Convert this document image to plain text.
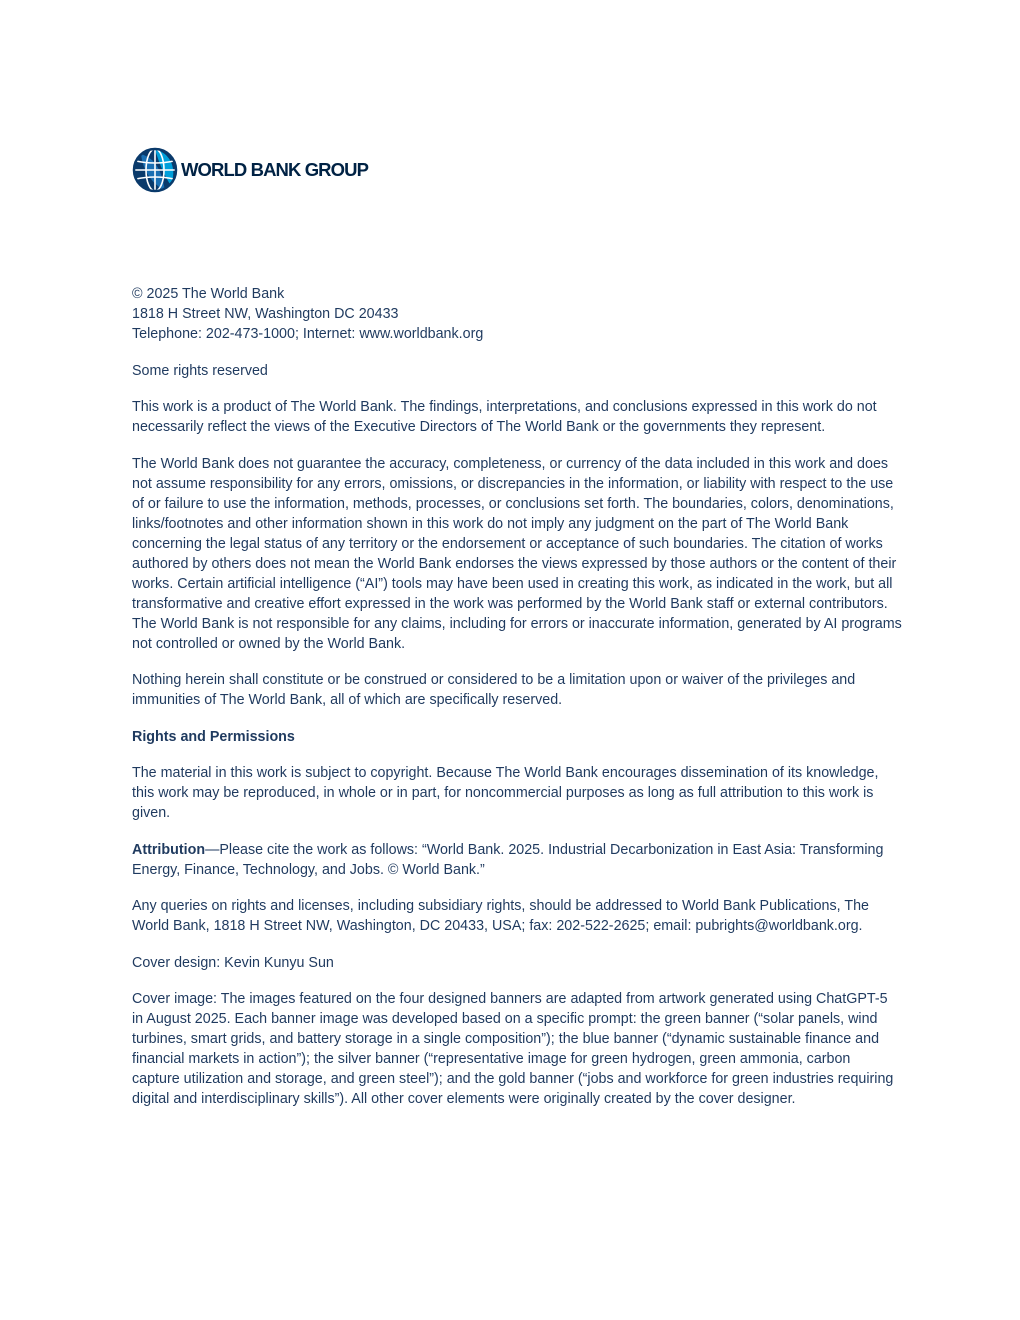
WORLD BANK GROUP

© 2025 The World Bank
1818 H Street NW, Washington DC 20433
Telephone: 202-473-1000; Internet: www.worldbank.org

Some rights reserved

This work is a product of The World Bank. The findings, interpretations, and conclusions expressed in this work do not necessarily reflect the views of the Executive Directors of The World Bank or the governments they represent.

The World Bank does not guarantee the accuracy, completeness, or currency of the data included in this work and does not assume responsibility for any errors, omissions, or discrepancies in the information, or liability with respect to the use of or failure to use the information, methods, processes, or conclusions set forth. The boundaries, colors, denominations, links/footnotes and other information shown in this work do not imply any judgment on the part of The World Bank concerning the legal status of any territory or the endorsement or acceptance of such boundaries. The citation of works authored by others does not mean the World Bank endorses the views expressed by those authors or the content of their works. Certain artificial intelligence (“AI”) tools may have been used in creating this work, as indicated in the work, but all transformative and creative effort expressed in the work was performed by the World Bank staff or external contributors. The World Bank is not responsible for any claims, including for errors or inaccurate information, generated by AI programs not controlled or owned by the World Bank.

Nothing herein shall constitute or be construed or considered to be a limitation upon or waiver of the privileges and immunities of The World Bank, all of which are specifically reserved.

Rights and Permissions

The material in this work is subject to copyright. Because The World Bank encourages dissemination of its knowledge, this work may be reproduced, in whole or in part, for noncommercial purposes as long as full attribution to this work is given.

Attribution—Please cite the work as follows: “World Bank. 2025. Industrial Decarbonization in East Asia: Transforming Energy, Finance, Technology, and Jobs. © World Bank.”

Any queries on rights and licenses, including subsidiary rights, should be addressed to World Bank Publications, The World Bank, 1818 H Street NW, Washington, DC 20433, USA; fax: 202-522-2625; email: pubrights@worldbank.org.

Cover design: Kevin Kunyu Sun

Cover image: The images featured on the four designed banners are adapted from artwork generated using ChatGPT-5 in August 2025. Each banner image was developed based on a specific prompt: the green banner (“solar panels, wind turbines, smart grids, and battery storage in a single composition”); the blue banner (“dynamic sustainable finance and financial markets in action”); the silver banner (“representative image for green hydrogen, green ammonia, carbon capture utilization and storage, and green steel”); and the gold banner (“jobs and workforce for green industries requiring digital and interdisciplinary skills”). All other cover elements were originally created by the cover designer.
